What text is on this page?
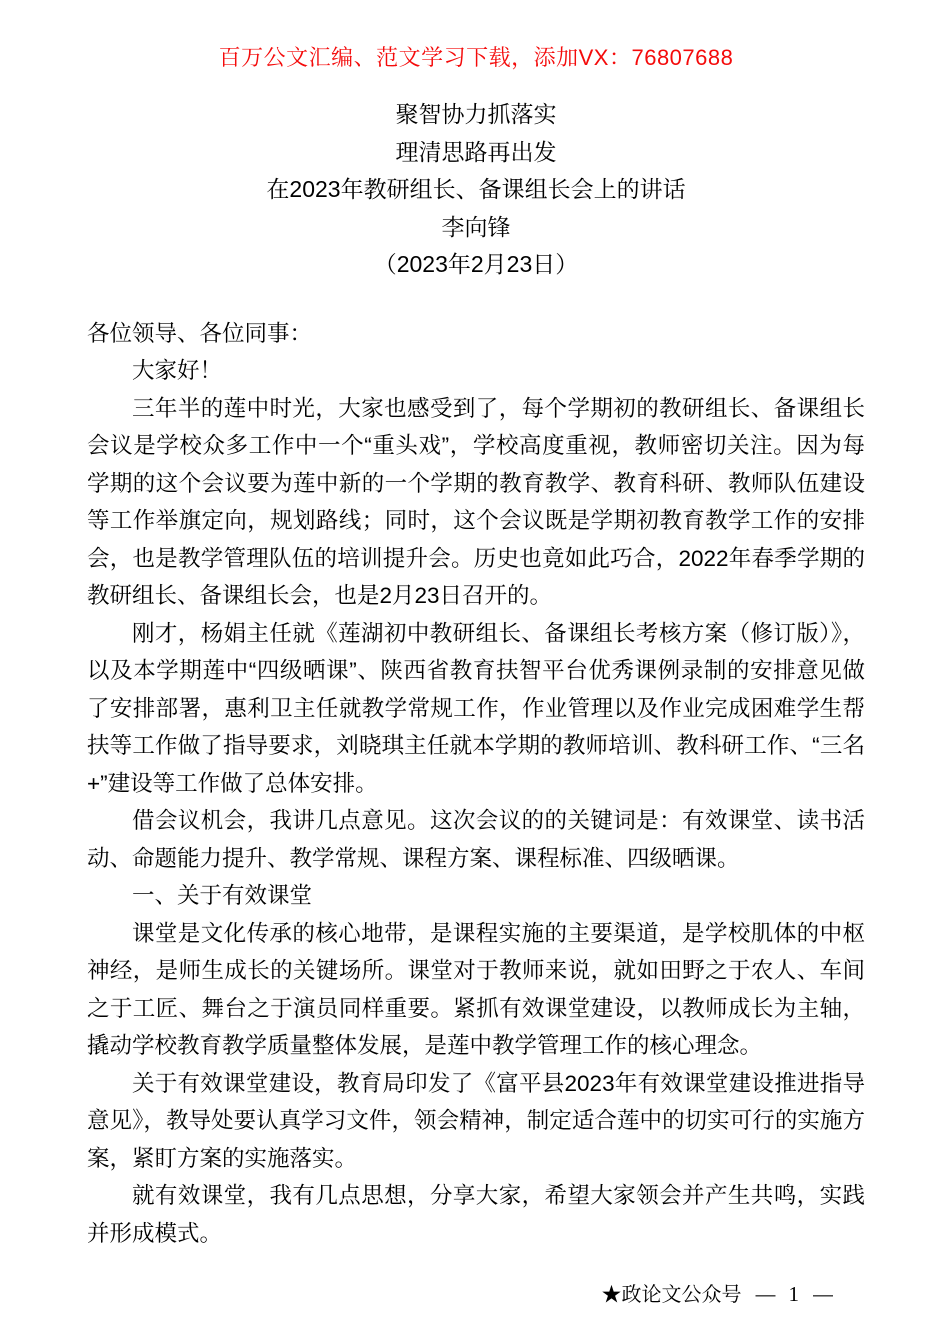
百万公文汇编、范文学习下载，添加VX：76807688

聚智协力抓落实

理清思路再出发

在2023年教研组长、备课组长会上的讲话

李向锋

（2023年2月23日）

各位领导、各位同事：

大家好！

三年半的莲中时光，大家也感受到了，每个学期初的教研组长、备课组长会议是学校众多工作中一个“重头戏”，学校高度重视，教师密切关注。因为每学期的这个会议要为莲中新的一个学期的教育教学、教育科研、教师队伍建设等工作举旗定向，规划路线；同时，这个会议既是学期初教育教学工作的安排会，也是教学管理队伍的培训提升会。历史也竟如此巧合，2022年春季学期的教研组长、备课组长会，也是2月23日召开的。

刚才，杨娟主任就《莲湖初中教研组长、备课组长考核方案（修订版）》，以及本学期莲中“四级晒课”、陕西省教育扶智平台优秀课例录制的安排意见做了安排部署，惠利卫主任就教学常规工作，作业管理以及作业完成困难学生帮扶等工作做了指导要求，刘晓琪主任就本学期的教师培训、教科研工作、“三名+”建设等工作做了总体安排。

借会议机会，我讲几点意见。这次会议的的关键词是：有效课堂、读书活动、命题能力提升、教学常规、课程方案、课程标准、四级晒课。

一、关于有效课堂

课堂是文化传承的核心地带，是课程实施的主要渠道，是学校肌体的中枢神经，是师生成长的关键场所。课堂对于教师来说，就如田野之于农人、车间之于工匠、舞台之于演员同样重要。紧抓有效课堂建设，以教师成长为主轴，撬动学校教育教学质量整体发展，是莲中教学管理工作的核心理念。

关于有效课堂建设，教育局印发了《富平县2023年有效课堂建设推进指导意见》，教导处要认真学习文件，领会精神，制定适合莲中的切实可行的实施方案，紧盯方案的实施落实。

就有效课堂，我有几点思想，分享大家，希望大家领会并产生共鸣，实践并形成模式。

★政论文公众号 — 1 —
